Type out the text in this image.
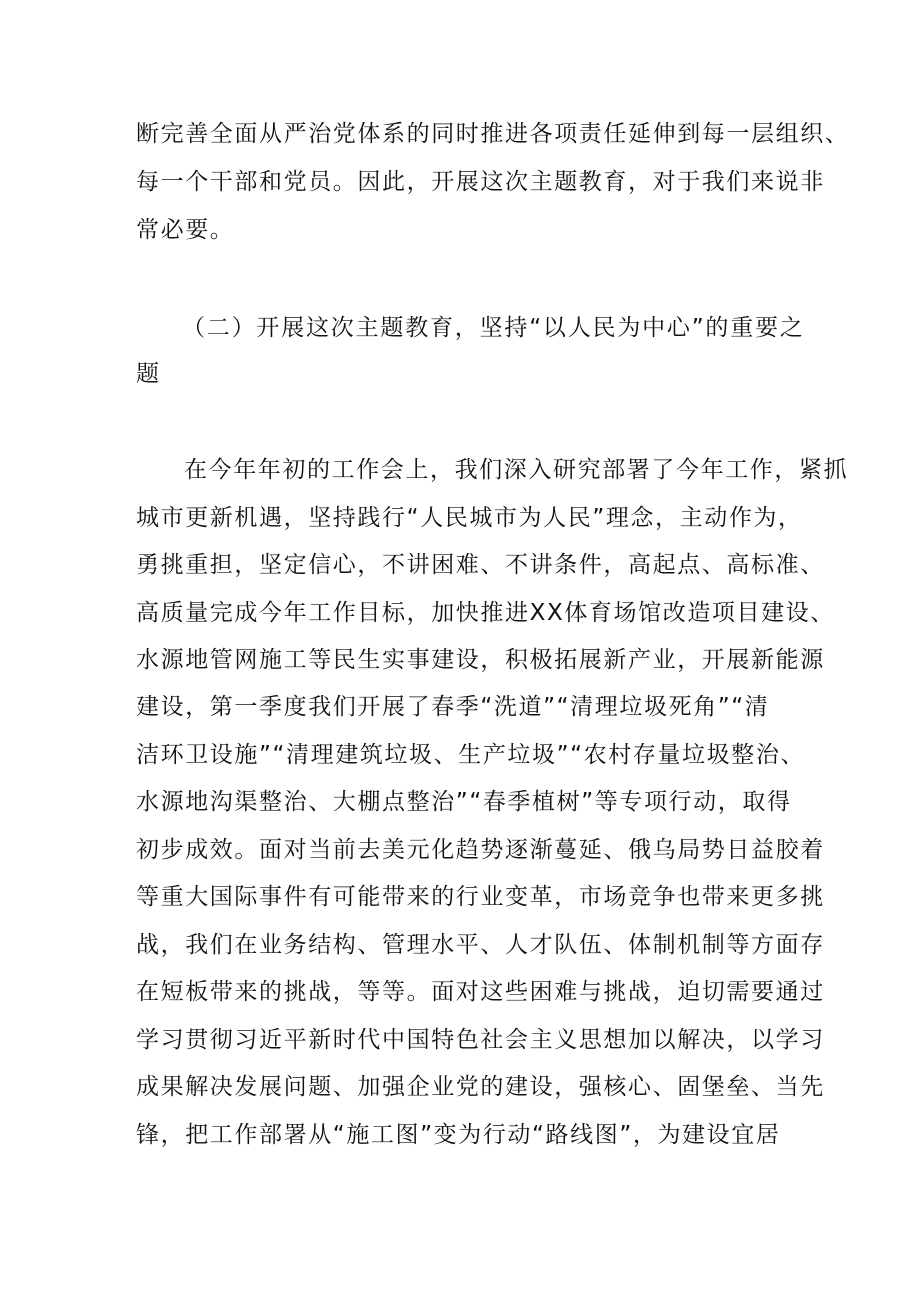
断完善全面从严治党体系的同时推进各项责任延伸到每一层组织、
每一个干部和党员。因此，开展这次主题教育，对于我们来说非
常必要。
（二）开展这次主题教育，坚持“以人民为中心”的重要之
题
在今年年初的工作会上，我们深入研究部署了今年工作，紧抓
城市更新机遇，坚持践行“人民城市为人民”理念，主动作为，
勇挑重担，坚定信心，不讲困难、不讲条件，高起点、高标准、
高质量完成今年工作目标，加快推进XX体育场馆改造项目建设、
水源地管网施工等民生实事建设，积极拓展新产业，开展新能源
建设，第一季度我们开展了春季“洗道”“清理垃圾死角”“清
洁环卫设施”“清理建筑垃圾、生产垃圾”“农村存量垃圾整治、
水源地沟渠整治、大棚点整治”“春季植树”等专项行动，取得
初步成效。面对当前去美元化趋势逐渐蔓延、俄乌局势日益胶着
等重大国际事件有可能带来的行业变革，市场竞争也带来更多挑
战，我们在业务结构、管理水平、人才队伍、体制机制等方面存
在短板带来的挑战，等等。面对这些困难与挑战，迫切需要通过
学习贯彻习近平新时代中国特色社会主义思想加以解决，以学习
成果解决发展问题、加强企业党的建设，强核心、固堡垒、当先
锋，把工作部署从“施工图”变为行动“路线图”，为建设宜居
